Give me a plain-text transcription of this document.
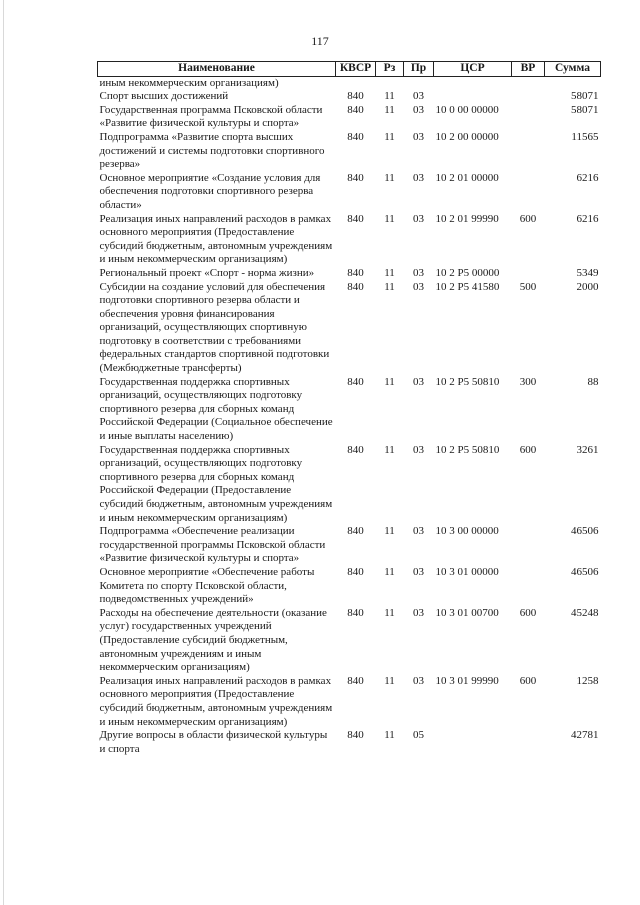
117
Наименование	КВСР	Рз	Пр	ЦСР	ВР	Сумма
иным некоммерческим организациям)						
Спорт высших достижений	840	11	03			58071
Государственная программа Псковской области «Развитие физической культуры и спорта»	840	11	03	10 0 00 00000		58071
Подпрограмма «Развитие спорта высших достижений и системы подготовки спортивного резерва»	840	11	03	10 2 00 00000		11565
Основное мероприятие «Создание условия для обеспечения подготовки спортивного резерва области»	840	11	03	10 2 01 00000		6216
Реализация иных направлений расходов в рамках основного мероприятия (Предоставление субсидий бюджетным, автономным учреждениям и иным некоммерческим организациям)	840	11	03	10 2 01 99990	600	6216
Региональный проект «Спорт - норма жизни»	840	11	03	10 2 P5 00000		5349
Субсидии на создание условий для обеспечения подготовки спортивного резерва области и обеспечения уровня финансирования организаций, осуществляющих спортивную подготовку в соответствии с требованиями федеральных стандартов спортивной подготовки (Межбюджетные трансферты)	840	11	03	10 2 P5 41580	500	2000
Государственная поддержка спортивных организаций, осуществляющих подготовку спортивного резерва для сборных команд Российской Федерации (Социальное обеспечение и иные выплаты населению)	840	11	03	10 2 P5 50810	300	88
Государственная поддержка спортивных организаций, осуществляющих подготовку спортивного резерва для сборных команд Российской Федерации (Предоставление субсидий бюджетным, автономным учреждениям и иным некоммерческим организациям)	840	11	03	10 2 P5 50810	600	3261
Подпрограмма «Обеспечение реализации государственной программы Псковской области «Развитие физической культуры и спорта»	840	11	03	10 3 00 00000		46506
Основное мероприятие «Обеспечение работы Комитета по спорту Псковской области, подведомственных учреждений»	840	11	03	10 3 01 00000		46506
Расходы на обеспечение деятельности (оказание услуг) государственных учреждений (Предоставление субсидий бюджетным, автономным учреждениям и иным некоммерческим организациям)	840	11	03	10 3 01 00700	600	45248
Реализация иных направлений расходов в рамках основного мероприятия (Предоставление субсидий бюджетным, автономным учреждениям и иным некоммерческим организациям)	840	11	03	10 3 01 99990	600	1258
Другие вопросы в области физической культуры и спорта	840	11	05			42781
